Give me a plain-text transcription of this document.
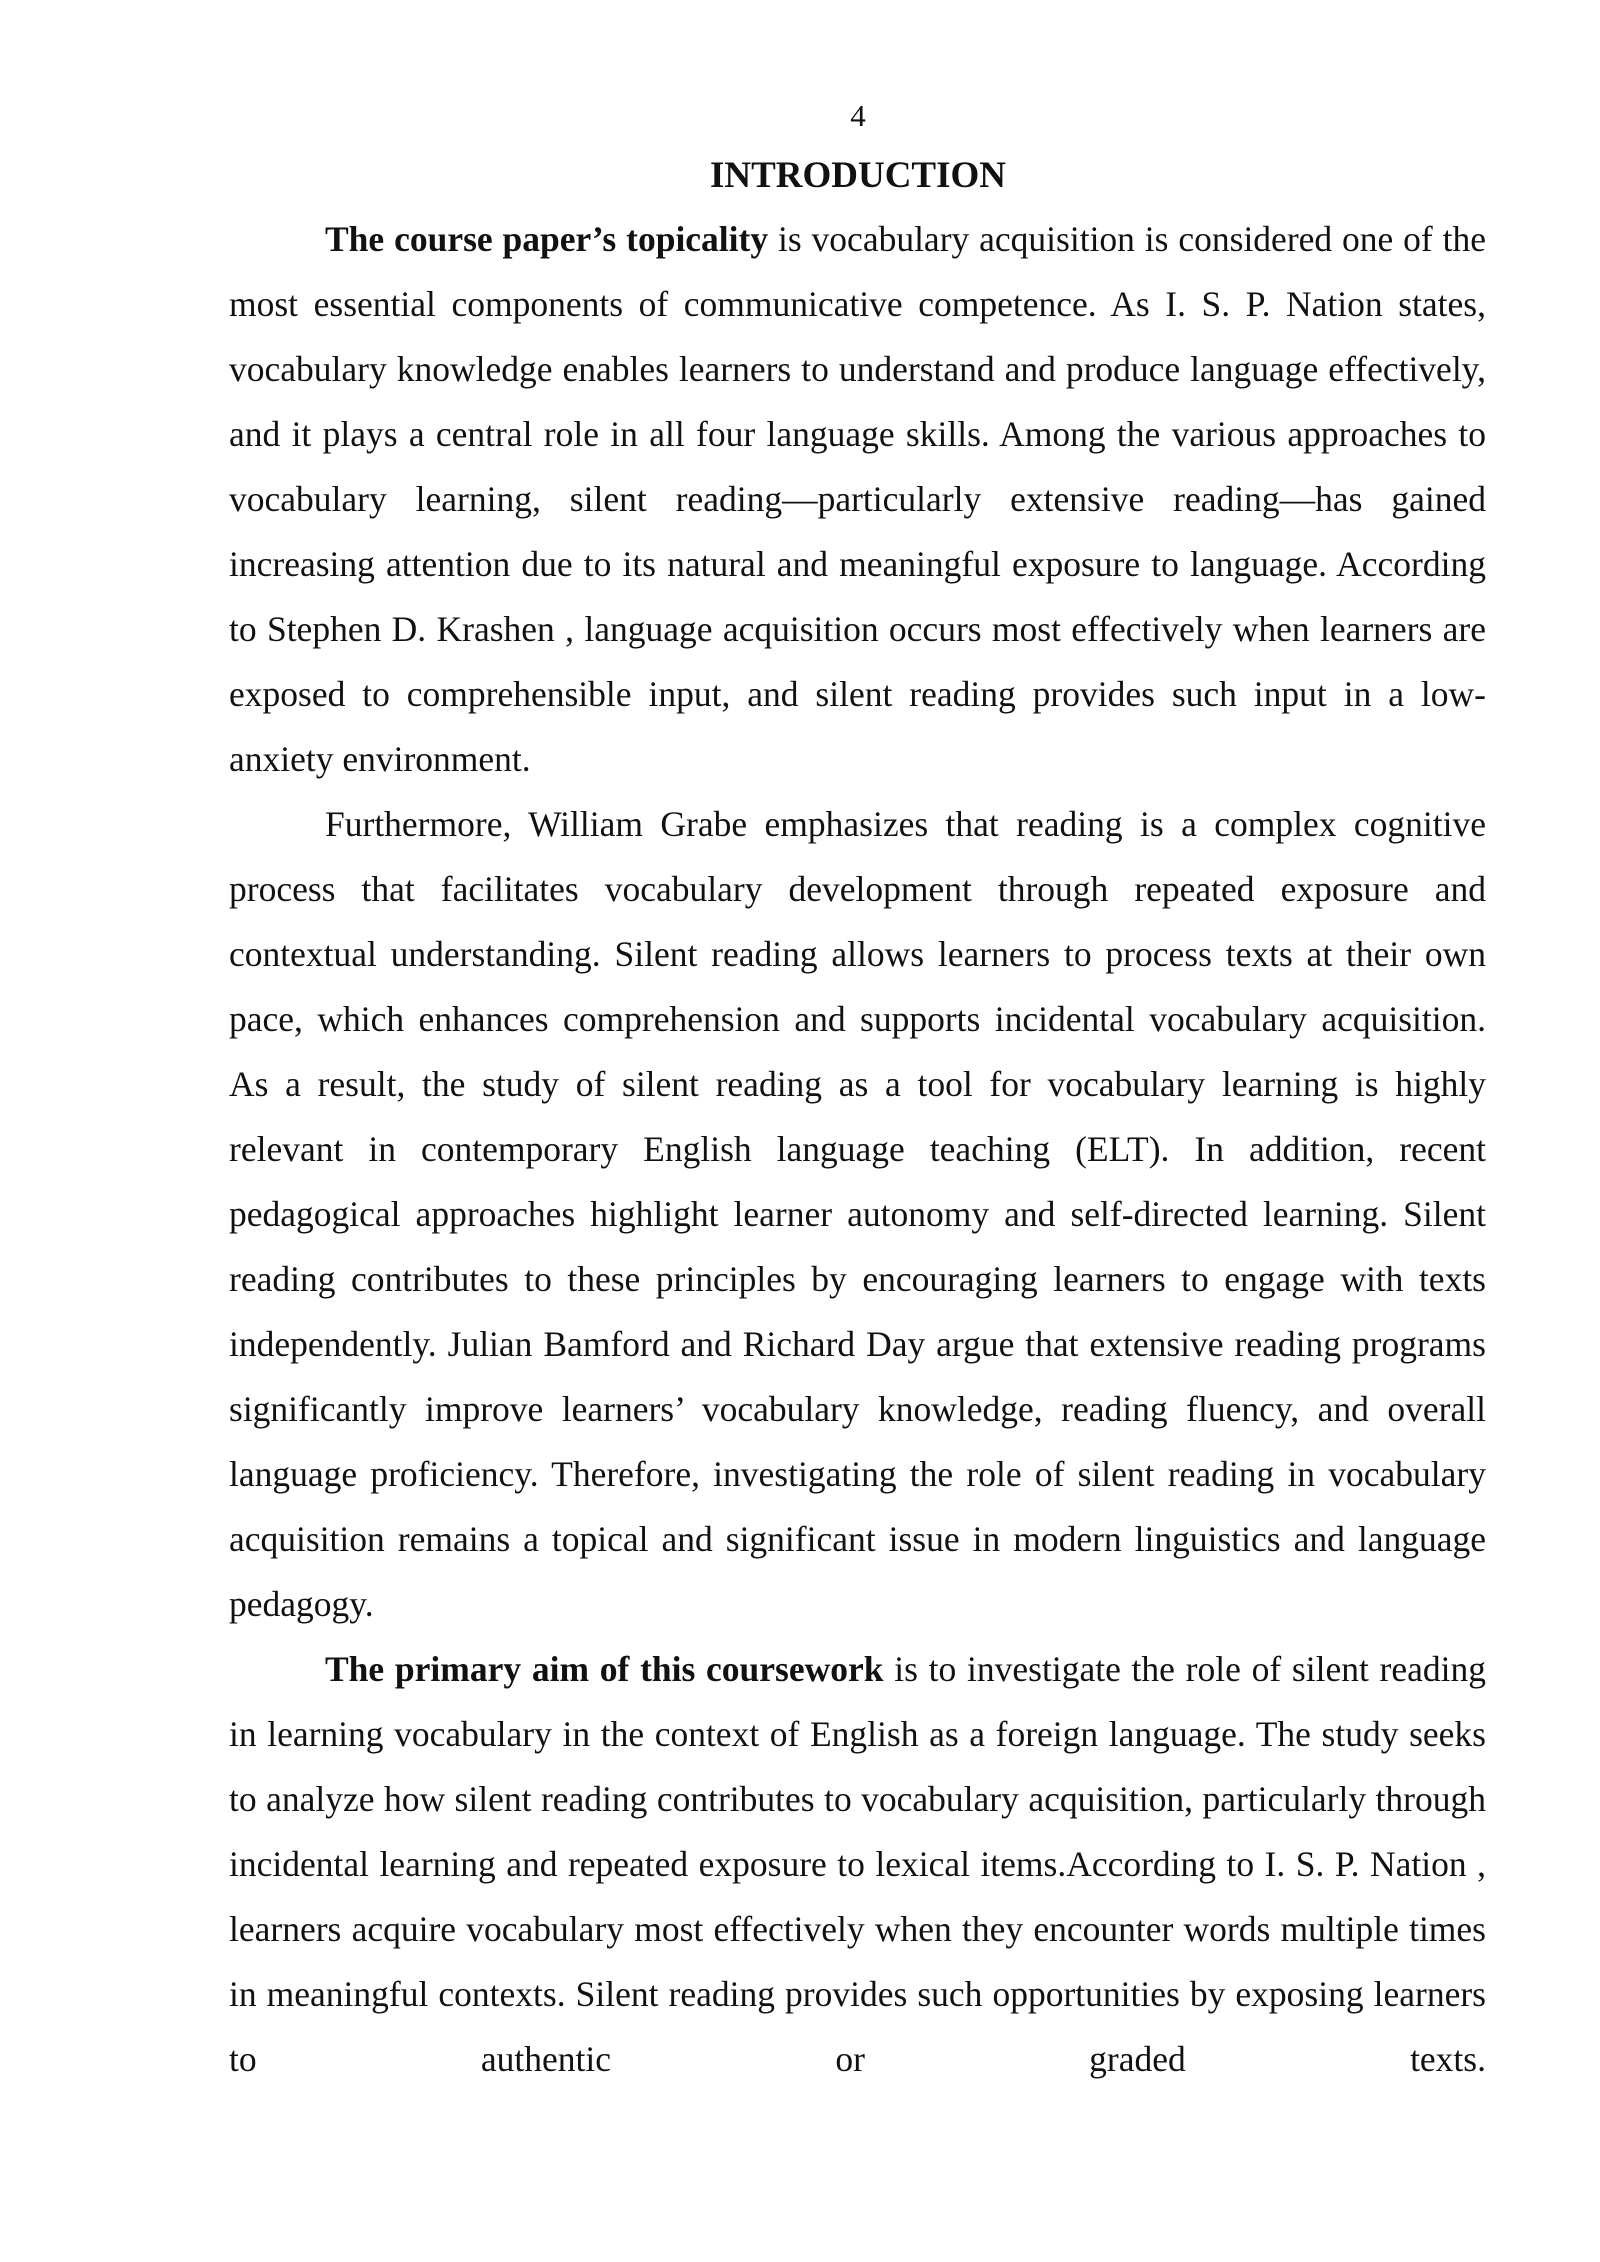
4
INTRODUCTION

The course paper’s topicality is vocabulary acquisition is considered one of the most essential components of communicative competence. As I. S. P. Nation states, vocabulary knowledge enables learners to understand and produce language effectively, and it plays a central role in all four language skills. Among the various approaches to vocabulary learning, silent reading—particularly extensive reading—has gained increasing attention due to its natural and meaningful exposure to language. According to Stephen D. Krashen , language acquisition occurs most effectively when learners are exposed to comprehensible input, and silent reading provides such input in a low-anxiety environment.

Furthermore, William Grabe emphasizes that reading is a complex cognitive process that facilitates vocabulary development through repeated exposure and contextual understanding. Silent reading allows learners to process texts at their own pace, which enhances comprehension and supports incidental vocabulary acquisition. As a result, the study of silent reading as a tool for vocabulary learning is highly relevant in contemporary English language teaching (ELT). In addition, recent pedagogical approaches highlight learner autonomy and self-directed learning. Silent reading contributes to these principles by encouraging learners to engage with texts independently. Julian Bamford and Richard Day argue that extensive reading programs significantly improve learners’ vocabulary knowledge, reading fluency, and overall language proficiency. Therefore, investigating the role of silent reading in vocabulary acquisition remains a topical and significant issue in modern linguistics and language pedagogy.

The primary aim of this coursework is to investigate the role of silent reading in learning vocabulary in the context of English as a foreign language. The study seeks to analyze how silent reading contributes to vocabulary acquisition, particularly through incidental learning and repeated exposure to lexical items.According to I. S. P. Nation , learners acquire vocabulary most effectively when they encounter words multiple times in meaningful contexts. Silent reading provides such opportunities by exposing learners to authentic or graded texts.
